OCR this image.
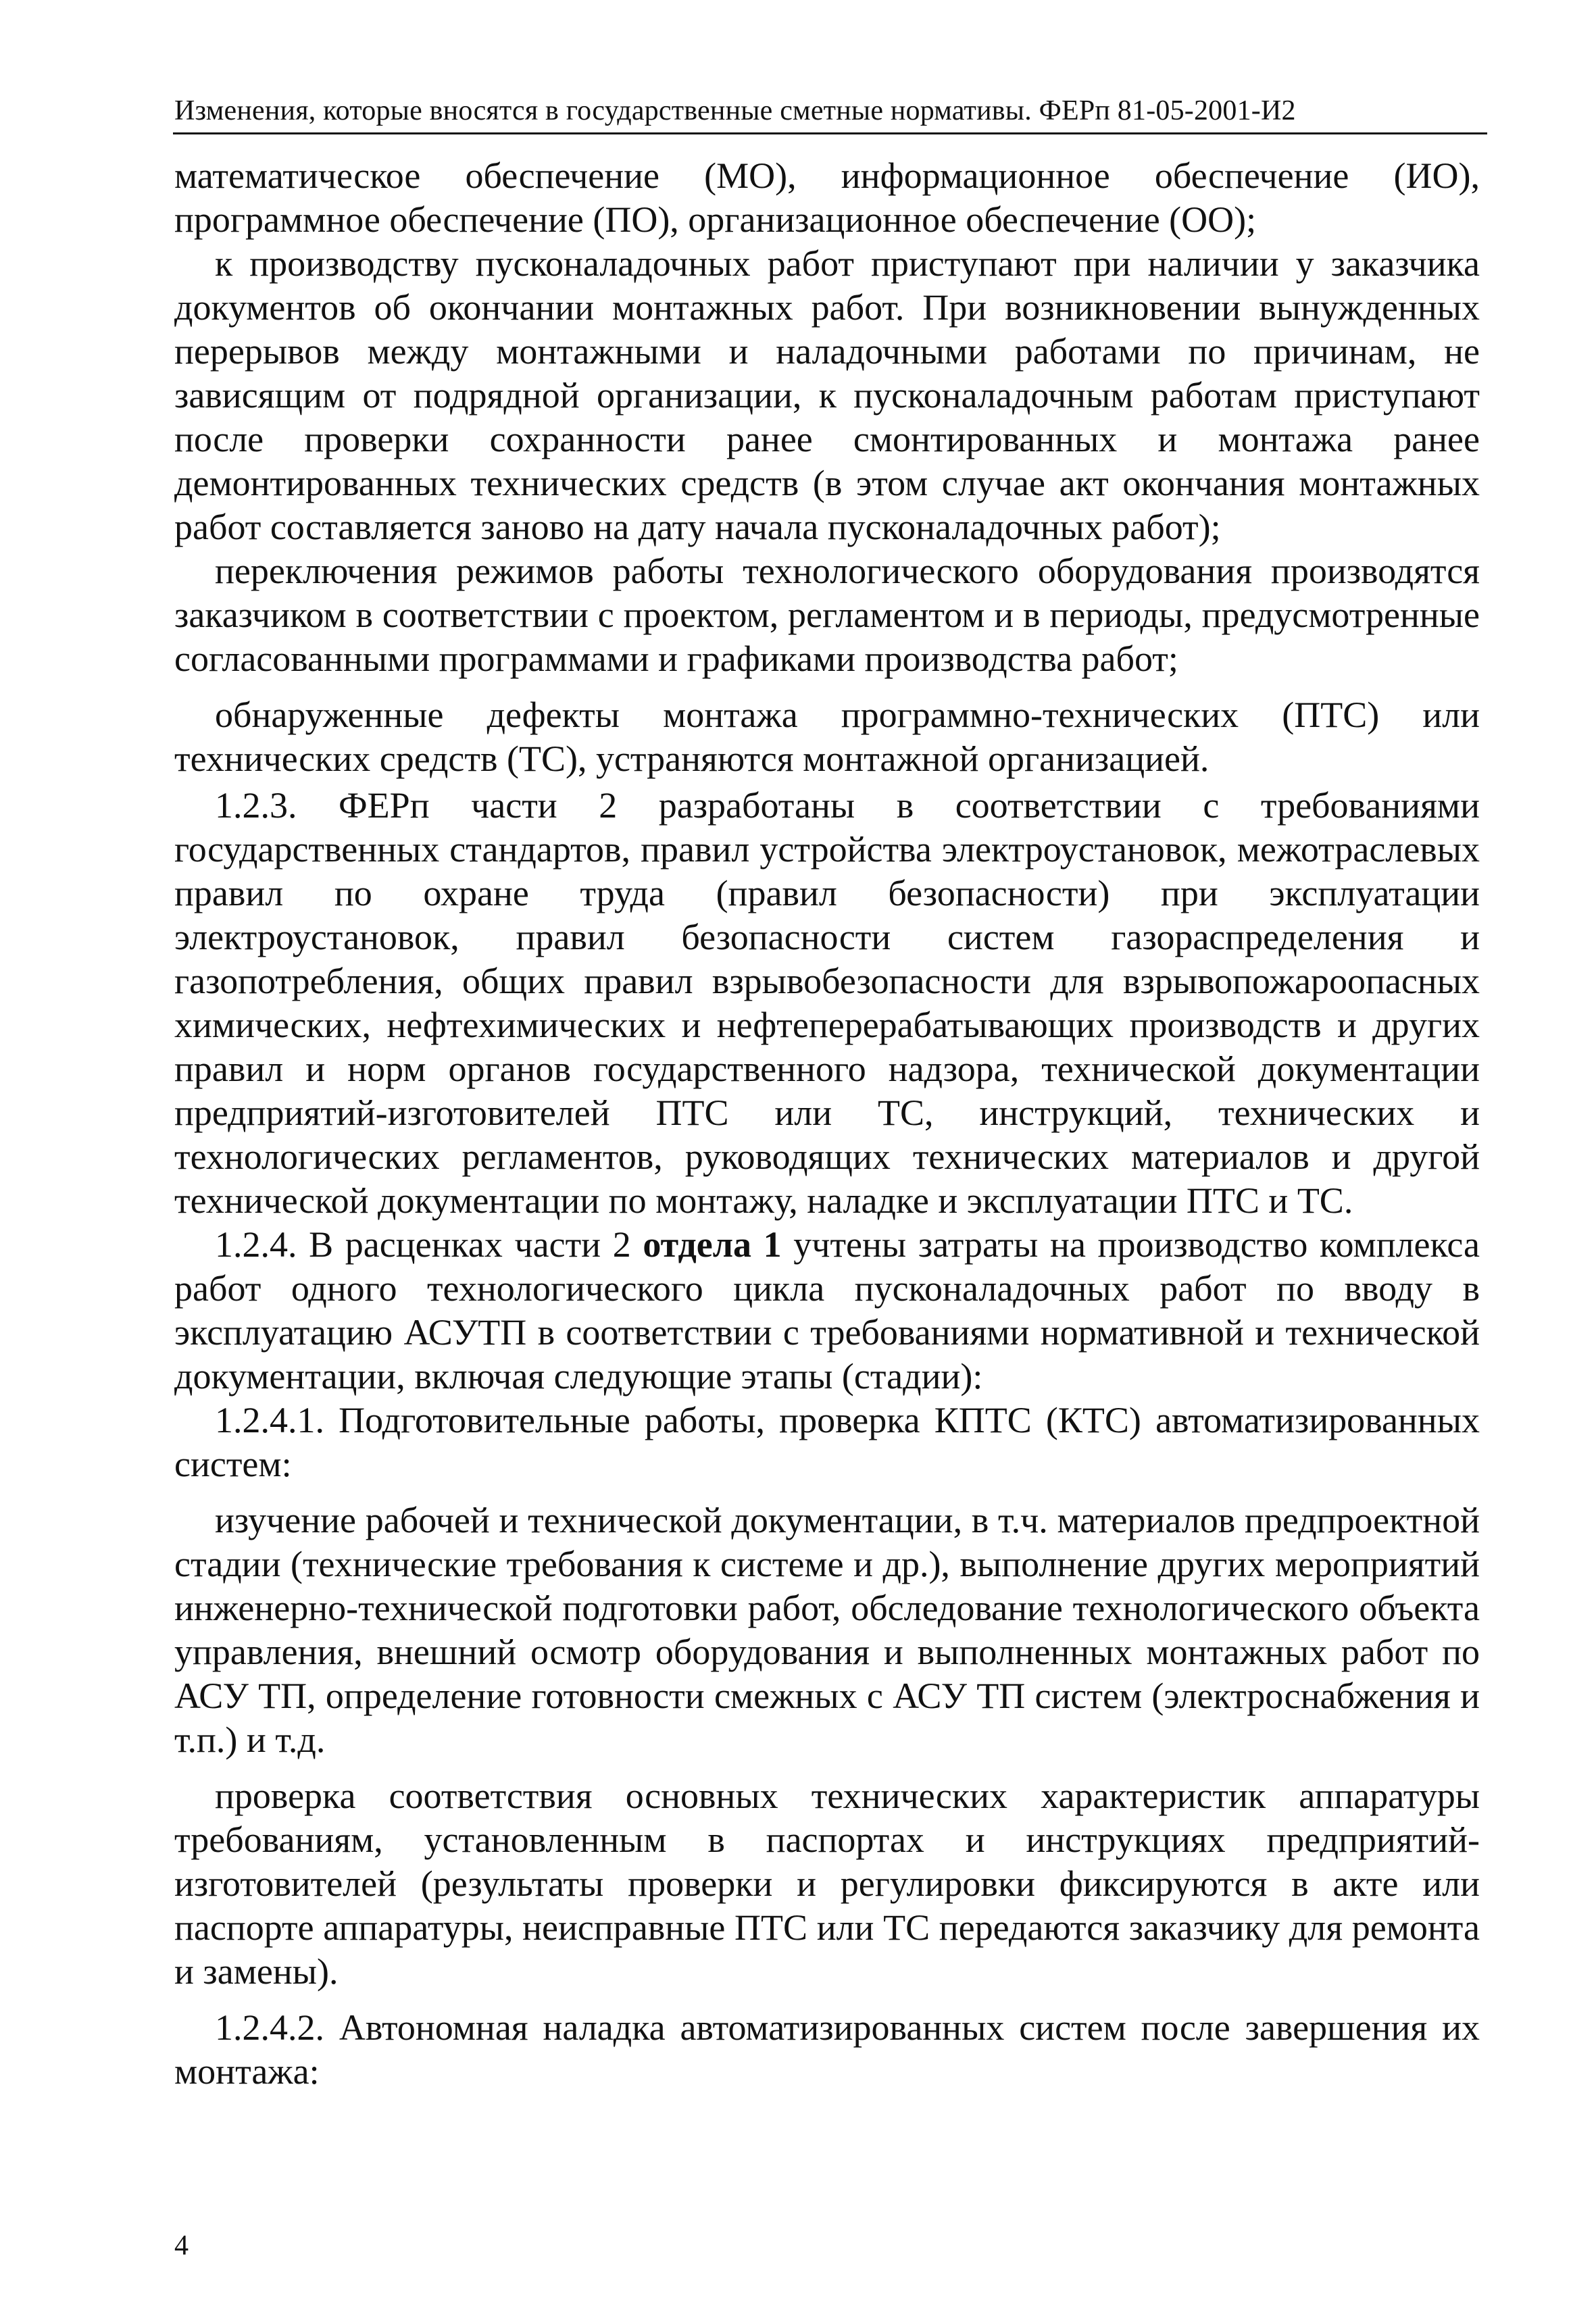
Изменения, которые вносятся в государственные сметные нормативы. ФЕРп 81-05-2001-И2

математическое обеспечение (МО), информационное обеспечение (ИО), программное обеспечение (ПО), организационное обеспечение (ОО);

к производству пусконаладочных работ приступают при наличии у заказчика документов об окончании монтажных работ. При возникновении вынужденных перерывов между монтажными и наладочными работами по причинам, не зависящим от подрядной организации, к пусконаладочным работам приступают после проверки сохранности ранее смонтированных и монтажа ранее демонтированных технических средств (в этом случае акт окончания монтажных работ составляется заново на дату начала пусконаладочных работ);

переключения режимов работы технологического оборудования производятся заказчиком в соответствии с проектом, регламентом и в периоды, предусмотренные согласованными программами и графиками производства работ;

обнаруженные дефекты монтажа программно-технических (ПТС) или технических средств (ТС), устраняются монтажной организацией.

1.2.3. ФЕРп части 2 разработаны в соответствии с требованиями государственных стандартов, правил устройства электроустановок, межотраслевых правил по охране труда (правил безопасности) при эксплуатации электроустановок, правил безопасности систем газораспределения и газопотребления, общих правил взрывобезопасности для взрывопожароопасных химических, нефтехимических и нефтеперерабатывающих производств и других правил и норм органов государственного надзора, технической документации предприятий-изготовителей ПТС или ТС, инструкций, технических и технологических регламентов, руководящих технических материалов и другой технической документации по монтажу, наладке и эксплуатации ПТС и ТС.

1.2.4. В расценках части 2 отдела 1 учтены затраты на производство комплекса работ одного технологического цикла пусконаладочных работ по вводу в эксплуатацию АСУТП в соответствии с требованиями нормативной и технической документации, включая следующие этапы (стадии):

1.2.4.1. Подготовительные работы, проверка КПТС (КТС) автоматизированных систем:

изучение рабочей и технической документации, в т.ч. материалов предпроектной стадии (технические требования к системе и др.), выполнение других мероприятий инженерно-технической подготовки работ, обследование технологического объекта управления, внешний осмотр оборудования и выполненных монтажных работ по АСУ ТП, определение готовности смежных с АСУ ТП систем (электроснабжения и т.п.) и т.д.

проверка соответствия основных технических характеристик аппаратуры требованиям, установленным в паспортах и инструкциях предприятий-изготовителей (результаты проверки и регулировки фиксируются в акте или паспорте аппаратуры, неисправные ПТС или ТС передаются заказчику для ремонта и замены).

1.2.4.2. Автономная наладка автоматизированных систем после завершения их монтажа:

4
